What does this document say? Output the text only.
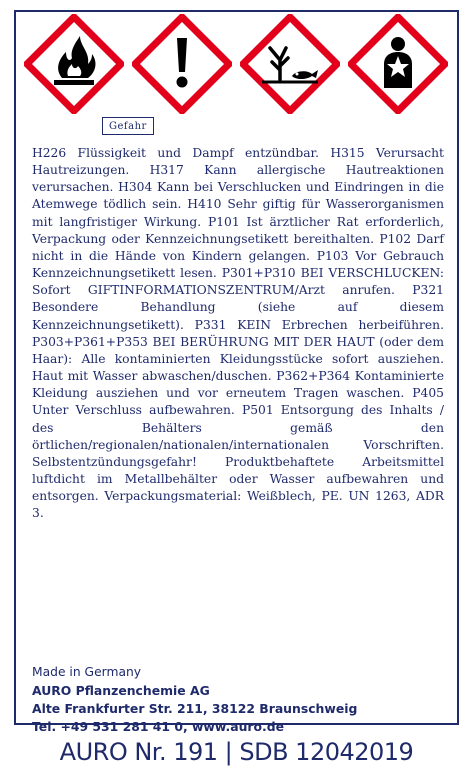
Gefahr
H226 Flüssigkeit und Dampf entzündbar. H315 Verursacht Hautreizungen. H317 Kann allergische Hautreaktionen verursachen. H304 Kann bei Verschlucken und Eindringen in die Atemwege tödlich sein. H410 Sehr giftig für Wasserorganismen mit langfristiger Wirkung. P101 Ist ärztlicher Rat erforderlich, Verpackung oder Kennzeichnungsetikett bereithalten. P102 Darf nicht in die Hände von Kindern gelangen. P103 Vor Gebrauch Kennzeichnungsetikett lesen. P301+P310 BEI VERSCHLUCKEN: Sofort GIFTINFORMATIONSZENTRUM/Arzt anrufen. P321 Besondere Behandlung (siehe auf diesem Kennzeichnungsetikett). P331 KEIN Erbrechen herbeiführen. P303+P361+P353 BEI BERÜHRUNG MIT DER HAUT (oder dem Haar): Alle kontaminierten Kleidungsstücke sofort ausziehen. Haut mit Wasser abwaschen/duschen. P362+P364 Kontaminierte Kleidung ausziehen und vor erneutem Tragen waschen. P405 Unter Verschluss aufbewahren. P501 Entsorgung des Inhalts / des Behälters gemäß den örtlichen/regionalen/nationalen/internationalen Vorschriften. Selbstentzündungsgefahr! Produktbehaftete Arbeitsmittel luftdicht im Metallbehälter oder Wasser aufbewahren und entsorgen. Verpackungsmaterial: Weißblech, PE. UN 1263, ADR 3.
Made in Germany
AURO Pflanzenchemie AG
Alte Frankfurter Str. 211, 38122 Braunschweig
Tel. +49 531 281 41 0, www.auro.de
AURO Nr. 191 | SDB 12042019
